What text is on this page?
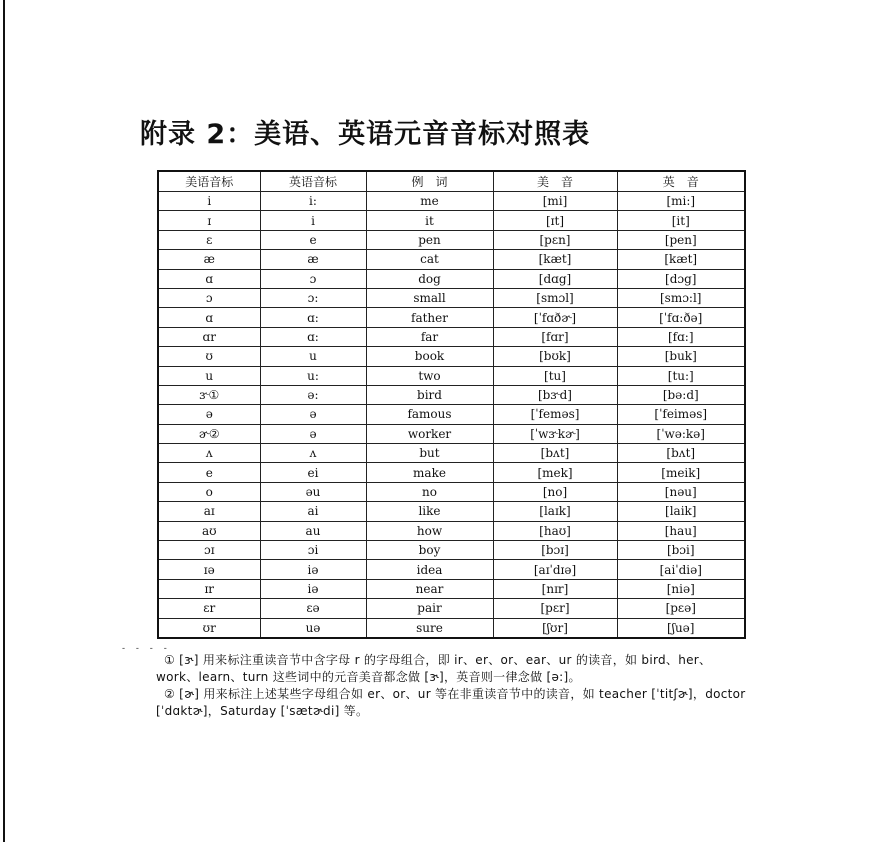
附录 2：美语、英语元音音标对照表
美语音标	英语音标	例　词	美　音	英　音
i	i:	me	[mi]	[mi:]
ɪ	i	it	[ɪt]	[it]
ɛ	e	pen	[pɛn]	[pen]
æ	æ	cat	[kæt]	[kæt]
ɑ	ɔ	dog	[dɑg]	[dɔg]
ɔ	ɔ:	small	[smɔl]	[smɔ:l]
ɑ	ɑ:	father	[ˈfɑðɚ]	[ˈfɑ:ðə]
ɑr	ɑ:	far	[fɑr]	[fɑ:]
ʊ	u	book	[bʊk]	[buk]
u	u:	two	[tu]	[tu:]
ɝ①	ə:	bird	[bɝd]	[bə:d]
ə	ə	famous	[ˈfeməs]	[ˈfeiməs]
ɚ②	ə	worker	[ˈwɝkɚ]	[ˈwə:kə]
ʌ	ʌ	but	[bʌt]	[bʌt]
e	ei	make	[mek]	[meik]
o	əu	no	[no]	[nəu]
aɪ	ai	like	[laɪk]	[laik]
aʊ	au	how	[haʊ]	[hau]
ɔɪ	ɔi	boy	[bɔɪ]	[bɔi]
ɪə	iə	idea	[aɪˈdɪə]	[aiˈdiə]
ɪr	iə	near	[nɪr]	[niə]
ɛr	εə	pair	[pɛr]	[pεə]
ʊr	uə	sure	[ʃʊr]	[ʃuə]
- - - -

① [ɝ] 用来标注重读音节中含字母 r 的字母组合，即 ir、er、or、ear、ur 的读音，如 bird、her、work、learn、turn 这些词中的元音美音都念做 [ɝ]，英音则一律念做 [ə:]。

② [ɚ] 用来标注上述某些字母组合如 er、or、ur 等在非重读音节中的读音，如 teacher [ˈtitʃɚ]，doctor [ˈdɑktɚ]，Saturday [ˈsætɚdi] 等。
